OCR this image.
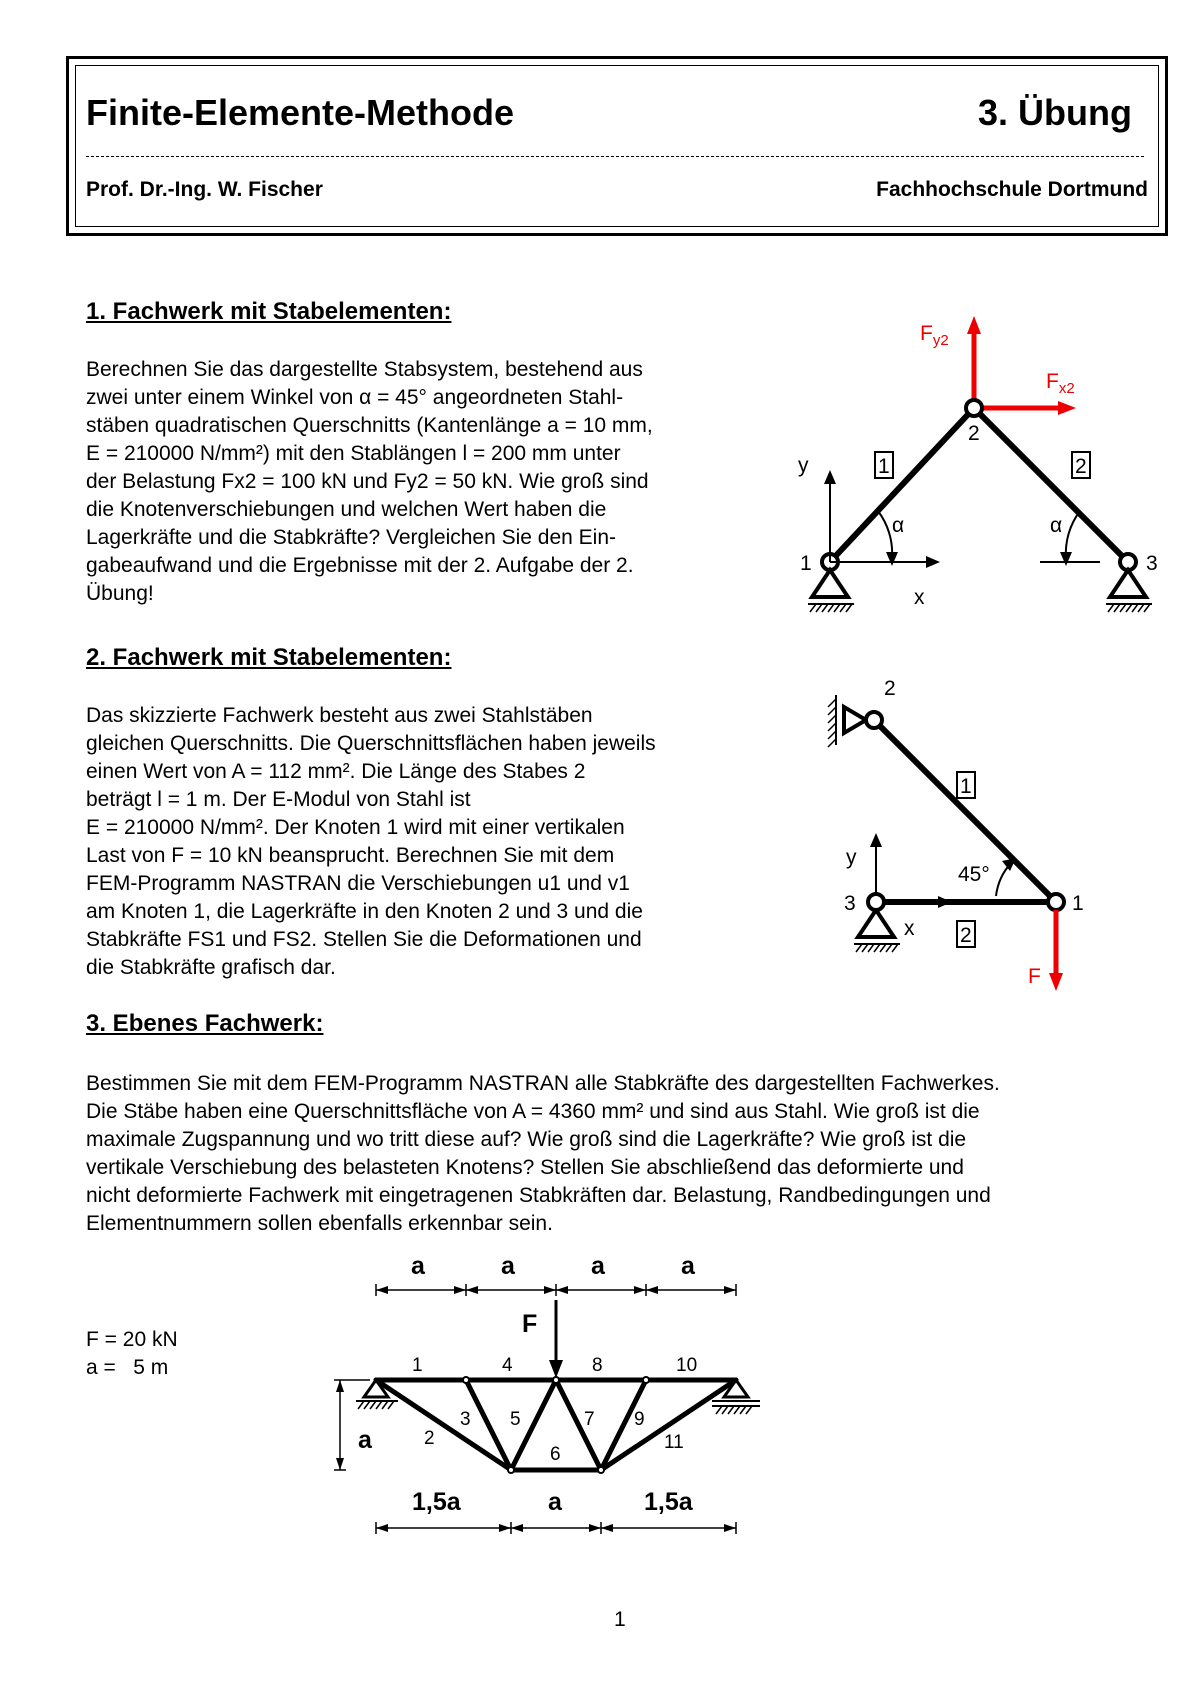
Finite-Elemente-Methode	3. Übung
Prof. Dr.-Ing. W. Fischer	Fachhochschule Dortmund
1. Fachwerk mit Stabelementen:
Berechnen Sie das dargestellte Stabsystem, bestehend aus
zwei unter einem Winkel von α = 45° angeordneten Stahl-
stäben quadratischen Querschnitts (Kantenlänge a = 10 mm,
E = 210000 N/mm²) mit den Stablängen l = 200 mm unter
der Belastung Fx2 = 100 kN und Fy2 = 50 kN. Wie groß sind
die Knotenverschiebungen und welchen Wert haben die
Lagerkräfte und die Stabkräfte? Vergleichen Sie den Ein-
gabeaufwand und die Ergebnisse mit der 2. Aufgabe der 2.
Übung!
$F_{y2}$
$F_{x2}$
1
2
3
y
x
α	α
1	2
2. Fachwerk mit Stabelementen:
Das skizzierte Fachwerk besteht aus zwei Stahlstäben
gleichen Querschnitts. Die Querschnittsflächen haben jeweils
einen Wert von A = 112 mm². Die Länge des Stabes 2
beträgt l = 1 m. Der E-Modul von Stahl ist
E = 210000 N/mm². Der Knoten 1 wird mit einer vertikalen
Last von F = 10 kN beansprucht. Berechnen Sie mit dem
FEM-Programm NASTRAN die Verschiebungen u1 und v1
am Knoten 1, die Lagerkräfte in den Knoten 2 und 3 und die
Stabkräfte FS1 und FS2. Stellen Sie die Deformationen und
die Stabkräfte grafisch dar.
y
x
2
3	1
45°
F
1
2
3. Ebenes Fachwerk:
Bestimmen Sie mit dem FEM-Programm NASTRAN alle Stabkräfte des dargestellten Fachwerkes.
Die Stäbe haben eine Querschnittsfläche von A = 4360 mm² und sind aus Stahl. Wie groß ist die
maximale Zugspannung und wo tritt diese auf? Wie groß sind die Lagerkräfte? Wie groß ist die
vertikale Verschiebung des belasteten Knotens? Stellen Sie abschließend das deformierte und
nicht deformierte Fachwerk mit eingetragenen Stabkräften dar. Belastung, Randbedingungen und
Elementnummern sollen ebenfalls erkennbar sein.
F = 20 kN
a =   5 m
a	a	a	a
F
1
2
3
4
5
6
7
8
9
10
11
a
1,5a	a	1,5a
1
